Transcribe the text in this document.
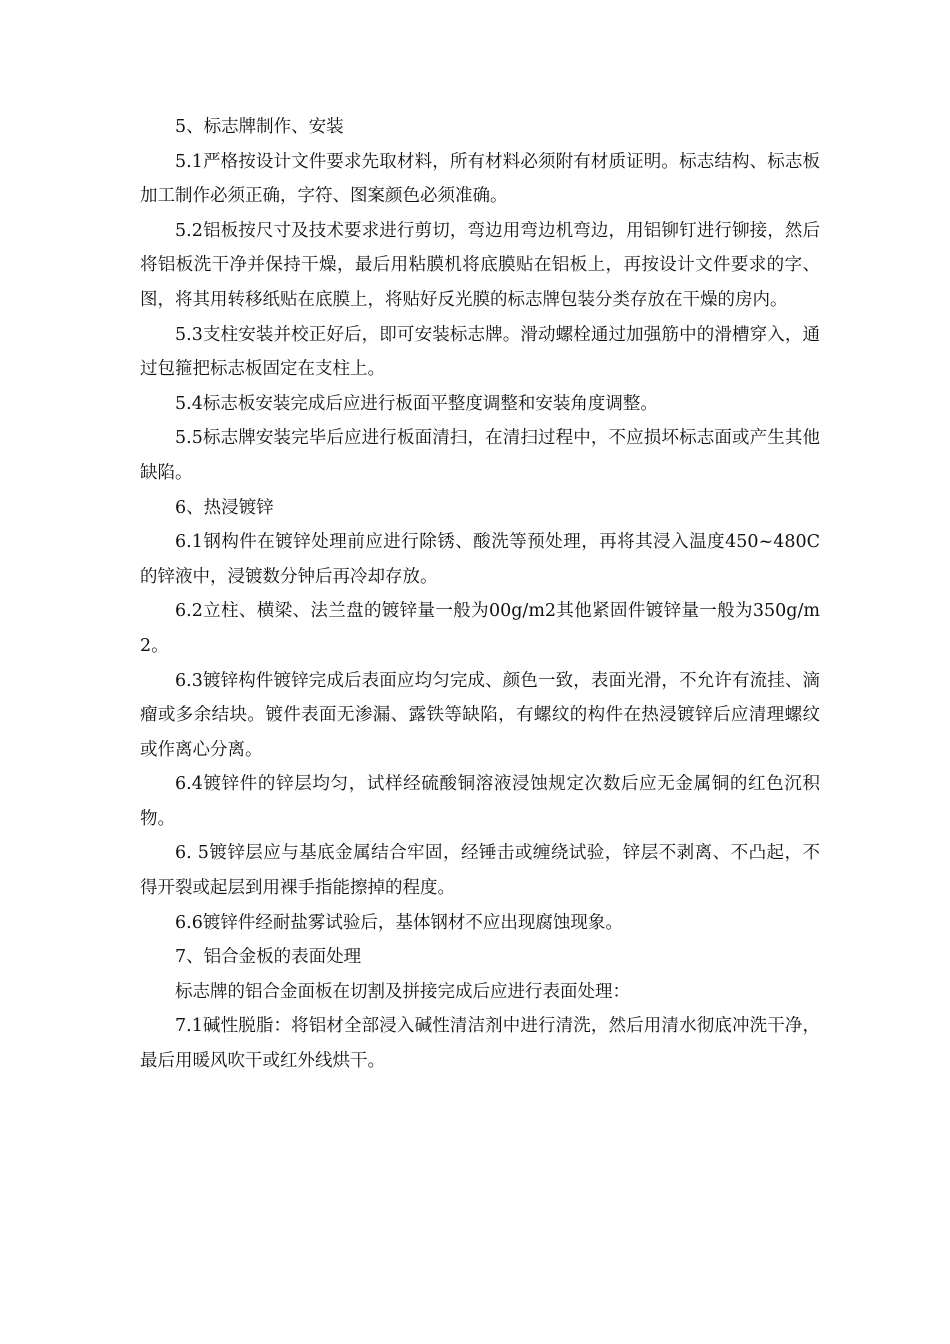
5、标志牌制作、安装

5.1严格按设计文件要求先取材料，所有材料必须附有材质证明。标志结构、标志板加工制作必须正确，字符、图案颜色必须准确。

5.2铝板按尺寸及技术要求进行剪切，弯边用弯边机弯边，用铝铆钉进行铆接，然后将铝板洗干净并保持干燥，最后用粘膜机将底膜贴在铝板上，再按设计文件要求的字、图，将其用转移纸贴在底膜上，将贴好反光膜的标志牌包装分类存放在干燥的房内。

5.3支柱安装并校正好后，即可安装标志牌。滑动螺栓通过加强筋中的滑槽穿入，通过包箍把标志板固定在支柱上。

5.4标志板安装完成后应进行板面平整度调整和安装角度调整。

5.5标志牌安装完毕后应进行板面清扫，在清扫过程中，不应损坏标志面或产生其他缺陷。

6、热浸镀锌

6.1钢构件在镀锌处理前应进行除锈、酸洗等预处理，再将其浸入温度450~480C的锌液中，浸镀数分钟后再冷却存放。

6.2立柱、横梁、法兰盘的镀锌量一般为00g/m2其他紧固件镀锌量一般为350g/m2。

6.3镀锌构件镀锌完成后表面应均匀完成、颜色一致，表面光滑，不允许有流挂、滴瘤或多余结块。镀件表面无渗漏、露铁等缺陷，有螺纹的构件在热浸镀锌后应清理螺纹或作离心分离。

6.4镀锌件的锌层均匀，试样经硫酸铜溶液浸蚀规定次数后应无金属铜的红色沉积物。

6. 5镀锌层应与基底金属结合牢固，经锤击或缠绕试验，锌层不剥离、不凸起，不得开裂或起层到用裸手指能擦掉的程度。

6.6镀锌件经耐盐雾试验后，基体钢材不应出现腐蚀现象。

7、铝合金板的表面处理

标志牌的铝合金面板在切割及拼接完成后应进行表面处理：

7.1碱性脱脂：将铝材全部浸入碱性清洁剂中进行清洗，然后用清水彻底冲洗干净，最后用暖风吹干或红外线烘干。
